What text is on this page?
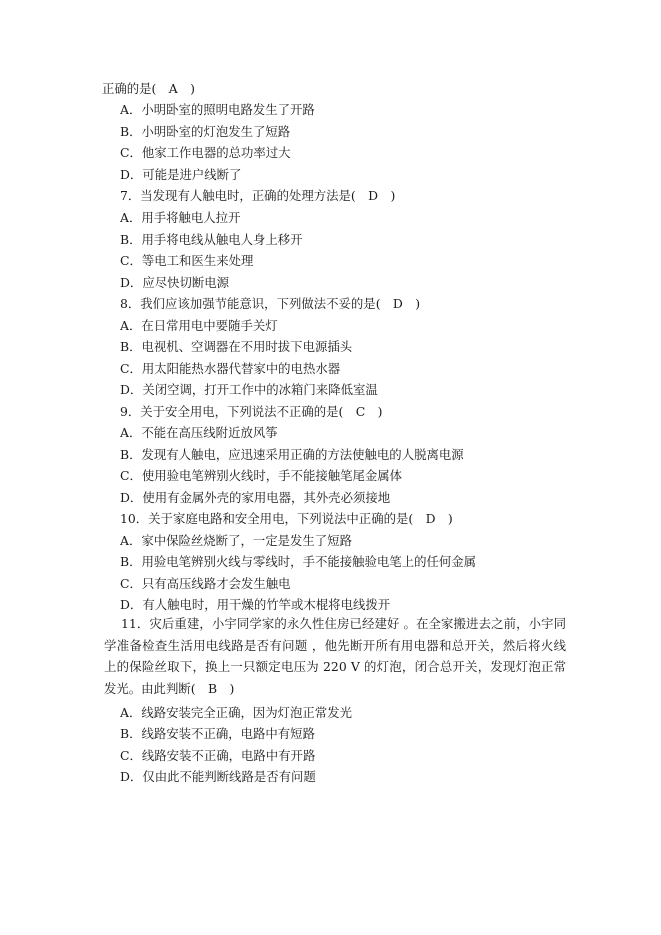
正确的是(　A　)
A．小明卧室的照明电路发生了开路
B．小明卧室的灯泡发生了短路
C．他家工作电器的总功率过大
D．可能是进户线断了
7．当发现有人触电时，正确的处理方法是(　D　)
A．用手将触电人拉开
B．用手将电线从触电人身上移开
C．等电工和医生来处理
D．应尽快切断电源
8．我们应该加强节能意识，下列做法不妥的是(　D　)
A．在日常用电中要随手关灯
B．电视机、空调器在不用时拔下电源插头
C．用太阳能热水器代替家中的电热水器
D．关闭空调，打开工作中的冰箱门来降低室温
9．关于安全用电，下列说法不正确的是(　C　)
A．不能在高压线附近放风筝
B．发现有人触电，应迅速采用正确的方法使触电的人脱离电源
C．使用验电笔辨别火线时，手不能接触笔尾金属体
D．使用有金属外壳的家用电器，其外壳必须接地
10．关于家庭电路和安全用电，下列说法中正确的是(　D　)
A．家中保险丝烧断了，一定是发生了短路
B．用验电笔辨别火线与零线时，手不能接触验电笔上的任何金属
C．只有高压线路才会发生触电
D．有人触电时，用干燥的竹竿或木棍将电线拨开
11．灾后重建，小宇同学家的永久性住房已经建好 。在全家搬进去之前，小宇同学准备检查生活用电线路是否有问题 ，他先断开所有用电器和总开关，然后将火线上的保险丝取下，换上一只额定电压为 220 V 的灯泡，闭合总开关，发现灯泡正常发光。由此判断(　B　)
A．线路安装完全正确，因为灯泡正常发光
B．线路安装不正确，电路中有短路
C．线路安装不正确，电路中有开路
D．仅由此不能判断线路是否有问题
